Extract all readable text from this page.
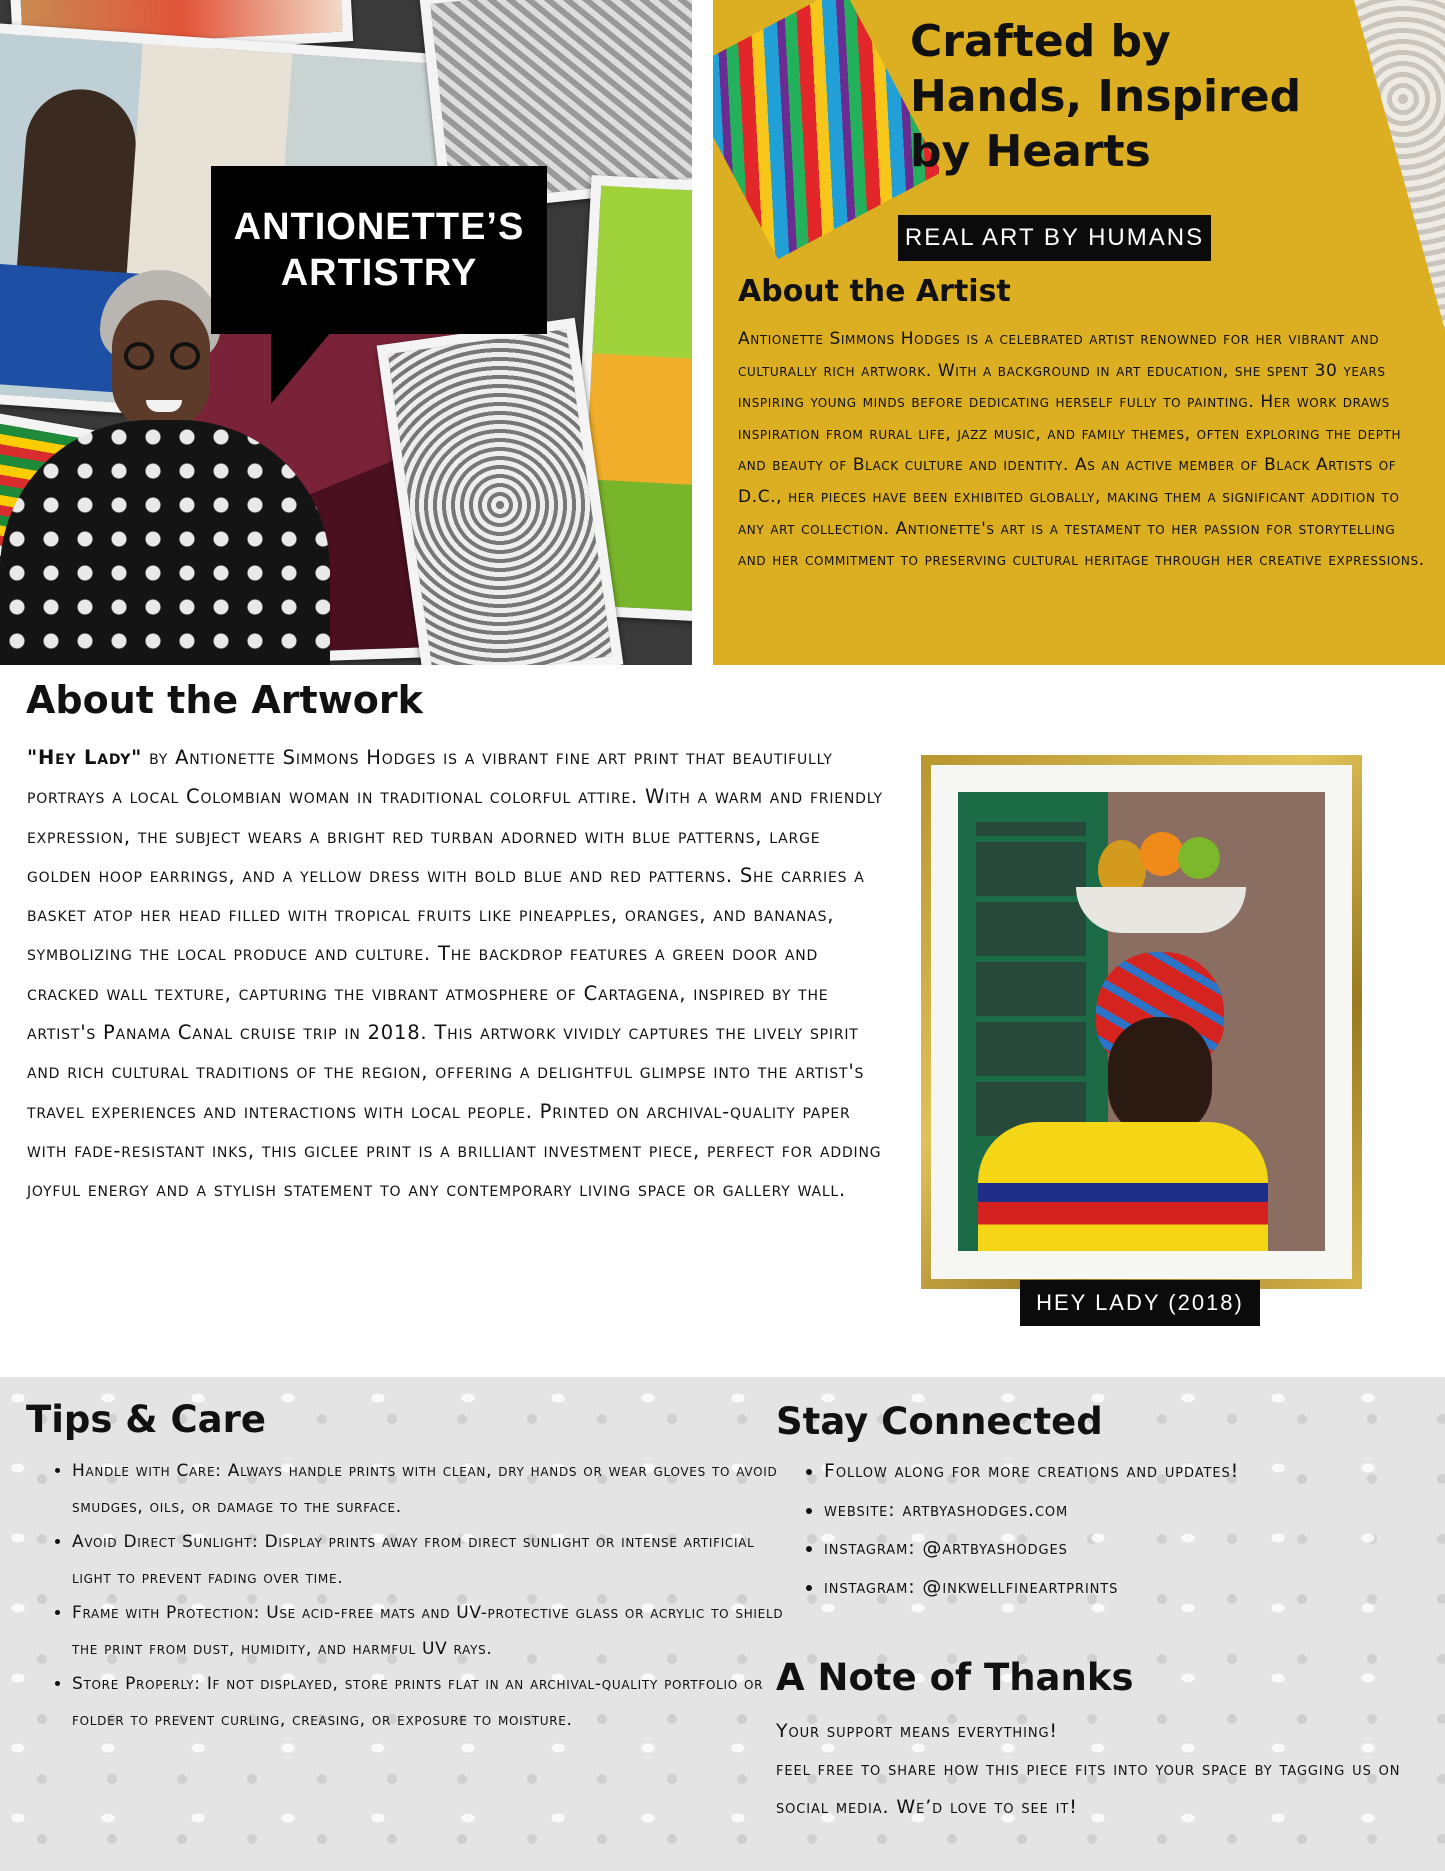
ANTIONETTE’S
ARTISTRY
Crafted by Hands, Inspired by Hearts
REAL ART BY HUMANS
About the Artist
Antionette Simmons Hodges is a celebrated artist renowned for her vibrant and culturally rich artwork. With a background in art education, she spent 30 years inspiring young minds before dedicating herself fully to painting. Her work draws inspiration from rural life, jazz music, and family themes, often exploring the depth and beauty of Black culture and identity. As an active member of Black Artists of D.C., her pieces have been exhibited globally, making them a significant addition to any art collection. Antionette's art is a testament to her passion for storytelling and her commitment to preserving cultural heritage through her creative expressions.
About the Artwork
"Hey Lady" by Antionette Simmons Hodges is a vibrant fine art print that beautifully portrays a local Colombian woman in traditional colorful attire. With a warm and friendly expression, the subject wears a bright red turban adorned with blue patterns, large golden hoop earrings, and a yellow dress with bold blue and red patterns. She carries a basket atop her head filled with tropical fruits like pineapples, oranges, and bananas, symbolizing the local produce and culture. The backdrop features a green door and cracked wall texture, capturing the vibrant atmosphere of Cartagena, inspired by the artist's Panama Canal cruise trip in 2018. This artwork vividly captures the lively spirit and rich cultural traditions of the region, offering a delightful glimpse into the artist's travel experiences and interactions with local people. Printed on archival-quality paper with fade-resistant inks, this giclee print is a brilliant investment piece, perfect for adding joyful energy and a stylish statement to any contemporary living space or gallery wall.
HEY LADY (2018)
Tips & Care
• Handle with Care: Always handle prints with clean, dry hands or wear gloves to avoid smudges, oils, or damage to the surface.
• Avoid Direct Sunlight: Display prints away from direct sunlight or intense artificial light to prevent fading over time.
• Frame with Protection: Use acid-free mats and UV-protective glass or acrylic to shield the print from dust, humidity, and harmful UV rays.
• Store Properly: If not displayed, store prints flat in an archival-quality portfolio or folder to prevent curling, creasing, or exposure to moisture.
Stay Connected
• Follow along for more creations and updates!
• website: artbyashodges.com
• instagram: @artbyashodges
• instagram: @inkwellfineartprints
A Note of Thanks
Your support means everything!
feel free to share how this piece fits into your space by tagging us on social media. We’d love to see it!
